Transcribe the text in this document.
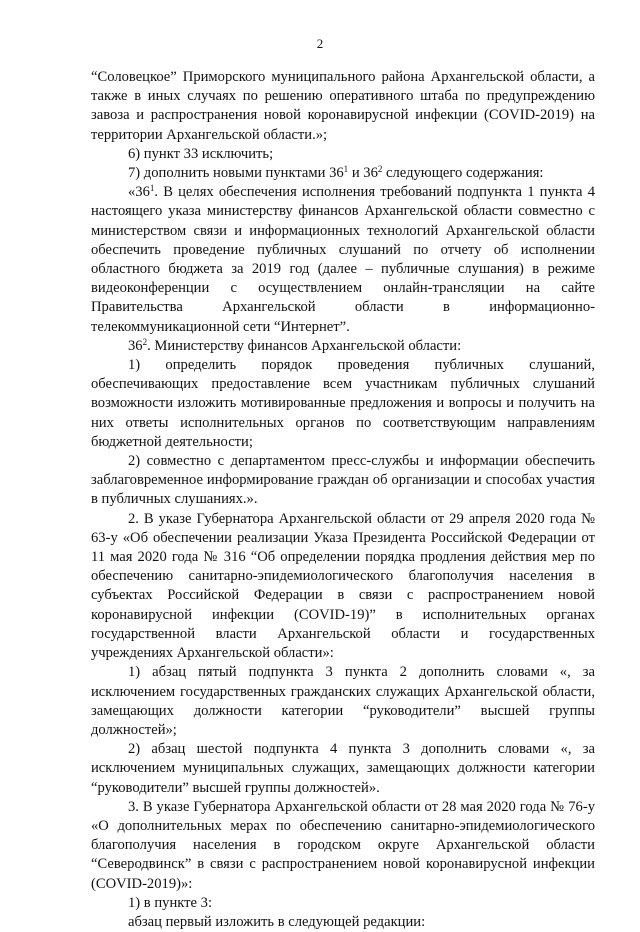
2

“Соловецкое” Приморского муниципального района Архангельской области, а также в иных случаях по решению оперативного штаба по предупреждению завоза и распространения новой коронавирусной инфекции (COVID-2019) на территории Архангельской области.»;

6) пункт 33 исключить;

7) дополнить новыми пунктами $36^1$ и $36^2$ следующего содержания:

«$36^1$. В целях обеспечения исполнения требований подпункта 1 пункта 4 настоящего указа министерству финансов Архангельской области совместно с министерством связи и информационных технологий Архангельской области обеспечить проведение публичных слушаний по отчету об исполнении областного бюджета за 2019 год (далее – публичные слушания) в режиме видеоконференции с осуществлением онлайн-трансляции на сайте Правительства Архангельской области в информационно-телекоммуникационной сети “Интернет”.

$36^2$. Министерству финансов Архангельской области:

1) определить порядок проведения публичных слушаний, обеспечивающих предоставление всем участникам публичных слушаний возможности изложить мотивированные предложения и вопросы и получить на них ответы исполнительных органов по соответствующим направлениям бюджетной деятельности;

2) совместно с департаментом пресс-службы и информации обеспечить заблаговременное информирование граждан об организации и способах участия в публичных слушаниях.».

2. В указе Губернатора Архангельской области от 29 апреля 2020 года № 63-у «Об обеспечении реализации Указа Президента Российской Федерации от 11 мая 2020 года № 316 “Об определении порядка продления действия мер по обеспечению санитарно-эпидемиологического благополучия населения в субъектах Российской Федерации в связи с распространением новой коронавирусной инфекции (COVID-19)” в исполнительных органах государственной власти Архангельской области и государственных учреждениях Архангельской области»:

1) абзац пятый подпункта 3 пункта 2 дополнить словами «, за исключением государственных гражданских служащих Архангельской области, замещающих должности категории “руководители” высшей группы должностей»;

2) абзац шестой подпункта 4 пункта 3 дополнить словами «, за исключением муниципальных служащих, замещающих должности категории “руководители” высшей группы должностей».

3. В указе Губернатора Архангельской области от 28 мая 2020 года № 76-у «О дополнительных мерах по обеспечению санитарно-эпидемиологического благополучия населения в городском округе Архангельской области “Северодвинск” в связи с распространением новой коронавирусной инфекции (COVID-2019)»:

1) в пункте 3:

абзац первый изложить в следующей редакции:
